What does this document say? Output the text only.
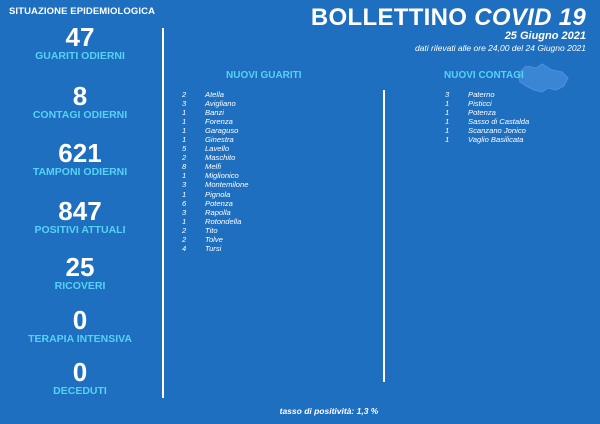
SITUAZIONE EPIDEMIOLOGICA
47
GUARITI ODIERNI
8
CONTAGI ODIERNI
621
TAMPONI ODIERNI
847
POSITIVI ATTUALI
25
RICOVERI
0
TERAPIA INTENSIVA
0
DECEDUTI
BOLLETTINO COVID 19
25 Giugno 2021
dati rilevati alle ore 24,00 del 24 Giugno 2021
NUOVI GUARITI
2	Atella
3	Avigliano
1	Banzi
1	Forenza
1	Garaguso
1	Ginestra
5	Lavello
2	Maschito
8	Melfi
1	Miglionico
3	Montemilone
1	Pignola
6	Potenza
3	Rapolla
1	Rotondella
2	Tito
2	Tolve
4	Tursi
NUOVI CONTAGI
3	Paterno
1	Pisticci
1	Potenza
1	Sasso di Castalda
1	Scanzano Jonico
1	Vaglio Basilicata
tasso di positività: 1,3 %
